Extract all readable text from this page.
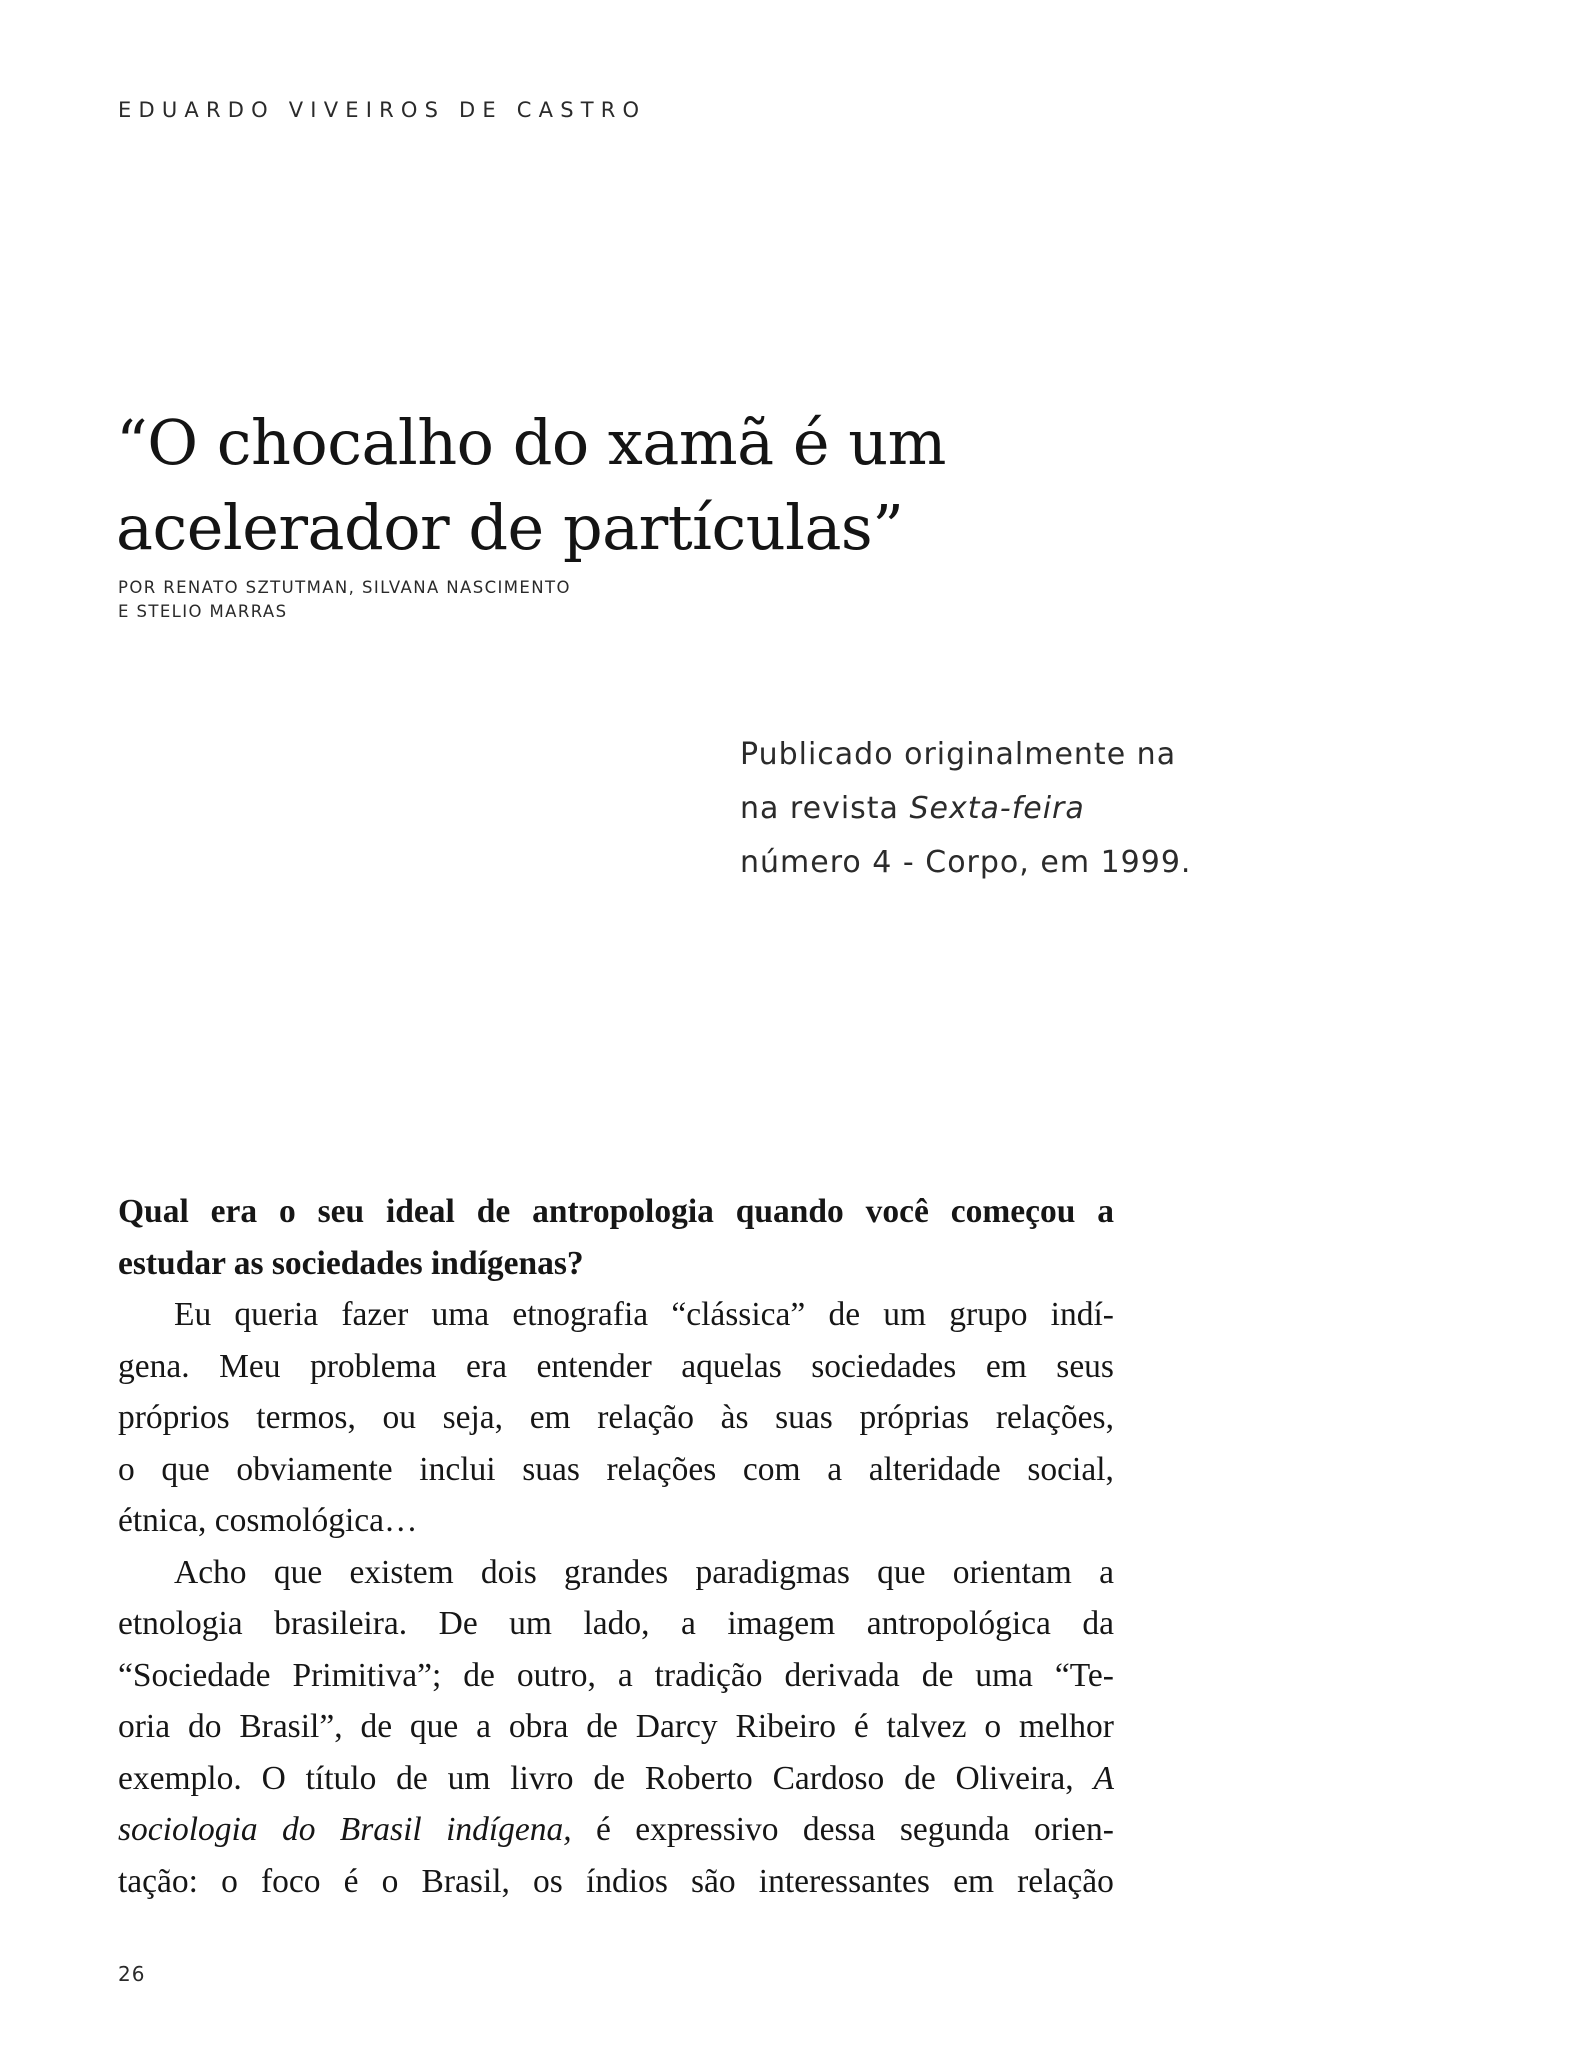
EDUARDO VIVEIROS DE CASTRO
“O chocalho do xamã é um
acelerador de partículas”
POR RENATO SZTUTMAN, SILVANA NASCIMENTO
E STELIO MARRAS
Publicado originalmente na
na revista Sexta-feira
número 4 - Corpo, em 1999.
Qual era o seu ideal de antropologia quando você começou a
estudar as sociedades indígenas?
Eu queria fazer uma etnografia “clássica” de um grupo indí-
gena. Meu problema era entender aquelas sociedades em seus
próprios termos, ou seja, em relação às suas próprias relações,
o que obviamente inclui suas relações com a alteridade social,
étnica, cosmológica…
Acho que existem dois grandes paradigmas que orientam a
etnologia brasileira. De um lado, a imagem antropológica da
“Sociedade Primitiva”; de outro, a tradição derivada de uma “Te-
oria do Brasil”, de que a obra de Darcy Ribeiro é talvez o melhor
exemplo. O título de um livro de Roberto Cardoso de Oliveira, A
sociologia do Brasil indígena, é expressivo dessa segunda orien-
tação: o foco é o Brasil, os índios são interessantes em relação
26
